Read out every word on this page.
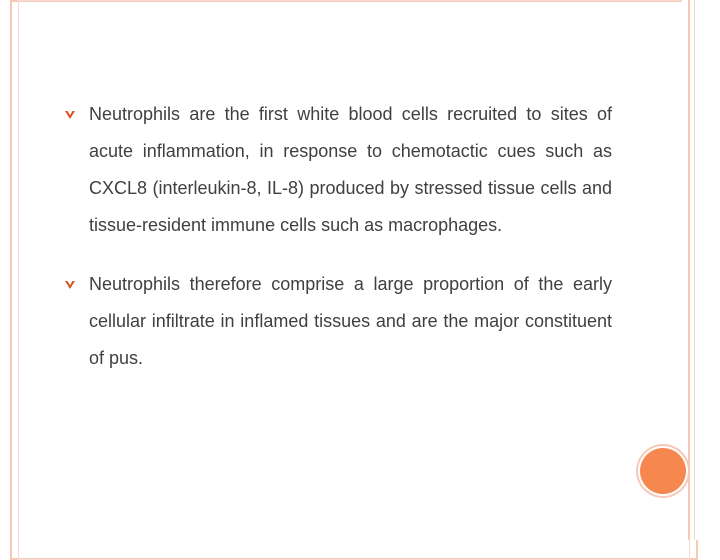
Neutrophils are the first white blood cells recruited to sites of acute inflammation, in response to chemotactic cues such as CXCL8 (interleukin-8, IL-8) produced by stressed tissue cells and tissue-resident immune cells such as macrophages.
Neutrophils therefore comprise a large proportion of the early cellular infiltrate in inflamed tissues and are the major constituent of pus.
